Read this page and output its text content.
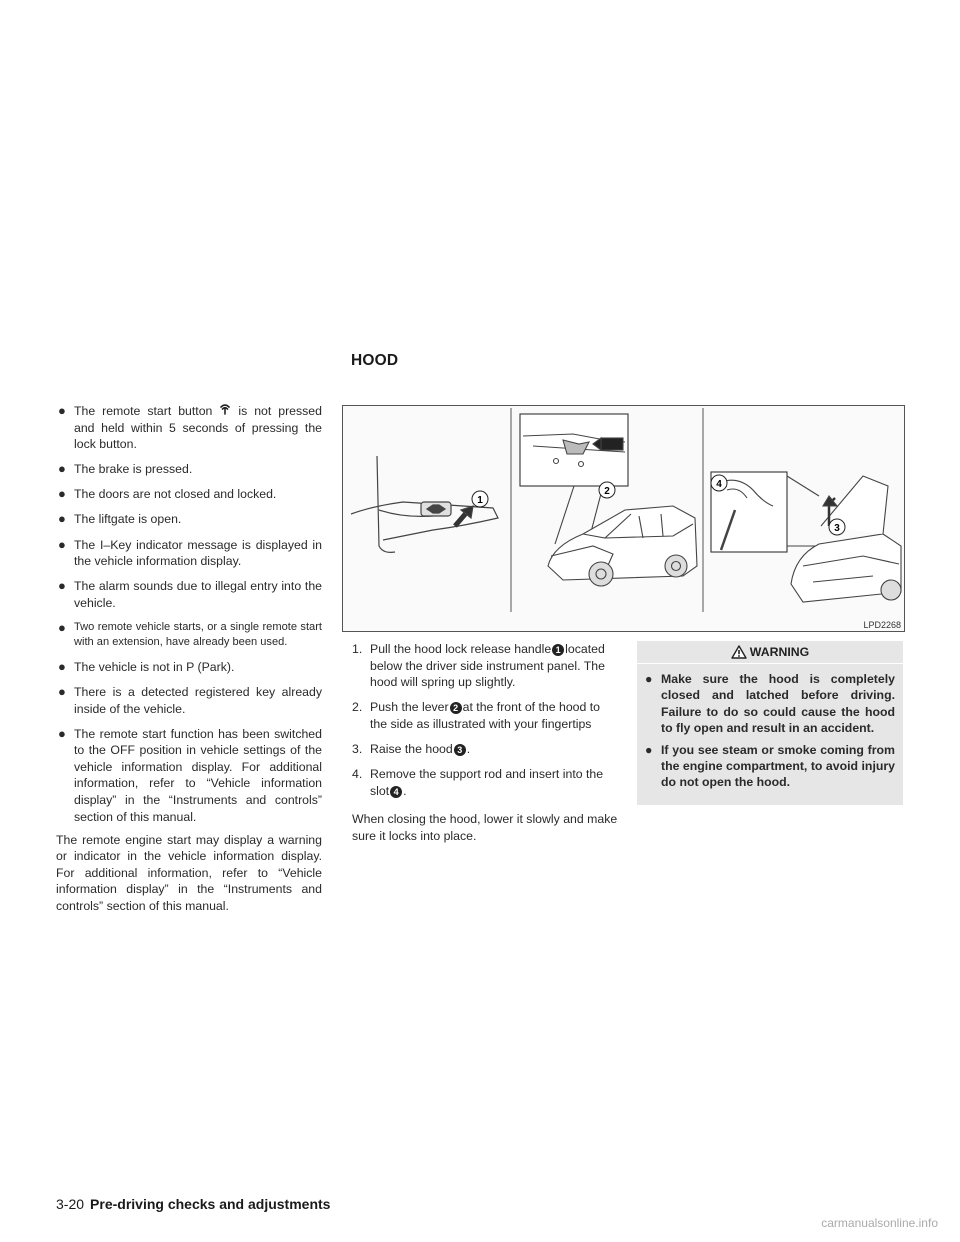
HOOD
● The remote start button is not pressed and held within 5 seconds of pressing the lock button.
● The brake is pressed.
● The doors are not closed and locked.
● The liftgate is open.
● The I–Key indicator message is displayed in the vehicle information display.
● The alarm sounds due to illegal entry into the vehicle.
● Two remote vehicle starts, or a single remote start with an extension, have already been used.
● The vehicle is not in P (Park).
● There is a detected registered key already inside of the vehicle.
● The remote start function has been switched to the OFF position in vehicle settings of the vehicle information display. For additional information, refer to “Vehicle information display” in the “Instruments and controls” section of this manual.
The remote engine start may display a warning or indicator in the vehicle information display. For additional information, refer to “Vehicle information display” in the “Instruments and controls” section of this manual.
1
2
4
3
LPD2268
1. Pull the hood lock release handle 1 located below the driver side instrument panel. The hood will spring up slightly.
2. Push the lever 2 at the front of the hood to the side as illustrated with your fingertips
3. Raise the hood 3 .
4. Remove the support rod and insert into the slot 4 .
When closing the hood, lower it slowly and make sure it locks into place.
WARNING
● Make sure the hood is completely closed and latched before driving. Failure to do so could cause the hood to fly open and result in an accident.
● If you see steam or smoke coming from the engine compartment, to avoid injury do not open the hood.
3-20 Pre-driving checks and adjustments
carmanualsonline.info
